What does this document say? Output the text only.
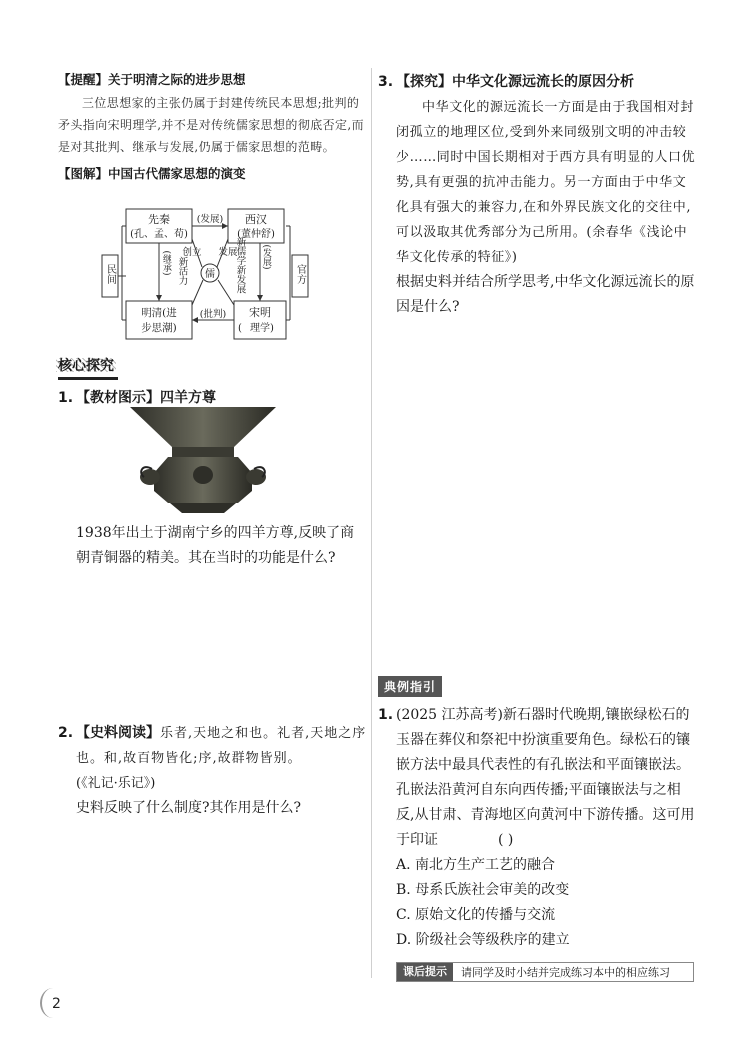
【提醒】关于明清之际的进步思想
三位思想家的主张仍属于封建传统民本思想;批判的矛头指向宋明理学,并不是对传统儒家思想的彻底否定,而是对其批判、继承与发展,仍属于儒家思想的范畴。
【图解】中国古代儒家思想的演变
先秦
(孔、孟、荀)
西汉
(董仲舒)
明清(进
步思潮)
宋明
( 理学)
儒
民间	官方
(发展)
(批判)
(继承)	(发展)
创立 发展
新活力	新儒学新发展
核心探究
1. 【教材图示】四羊方尊
1938年出土于湖南宁乡的四羊方尊,反映了商朝青铜器的精美。其在当时的功能是什么?
2. 【史料阅读】乐者,天地之和也。礼者,天地之序也。和,故百物皆化;序,故群物皆别。
(《礼记·乐记》)
史料反映了什么制度?其作用是什么?
3. 【探究】中华文化源远流长的原因分析
中华文化的源远流长一方面是由于我国相对封闭孤立的地理区位,受到外来同级别文明的冲击较少……同时中国长期相对于西方具有明显的人口优势,具有更强的抗冲击能力。另一方面由于中华文化具有强大的兼容力,在和外界民族文化的交往中,可以汲取其优秀部分为己所用。(余春华《浅论中华文化传承的特征》)
根据史料并结合所学思考,中华文化源远流长的原因是什么?
典例指引
1. (2025 江苏高考)新石器时代晚期,镶嵌绿松石的玉器在葬仪和祭祀中扮演重要角色。绿松石的镶嵌方法中最具代表性的有孔嵌法和平面镶嵌法。孔嵌法沿黄河自东向西传播;平面镶嵌法与之相反,从甘肃、青海地区向黄河中下游传播。这可用于印证	( )
A. 南北方生产工艺的融合
B. 母系氏族社会审美的改变
C. 原始文化的传播与交流
D. 阶级社会等级秩序的建立
课后提示	请同学及时小结并完成练习本中的相应练习
2
